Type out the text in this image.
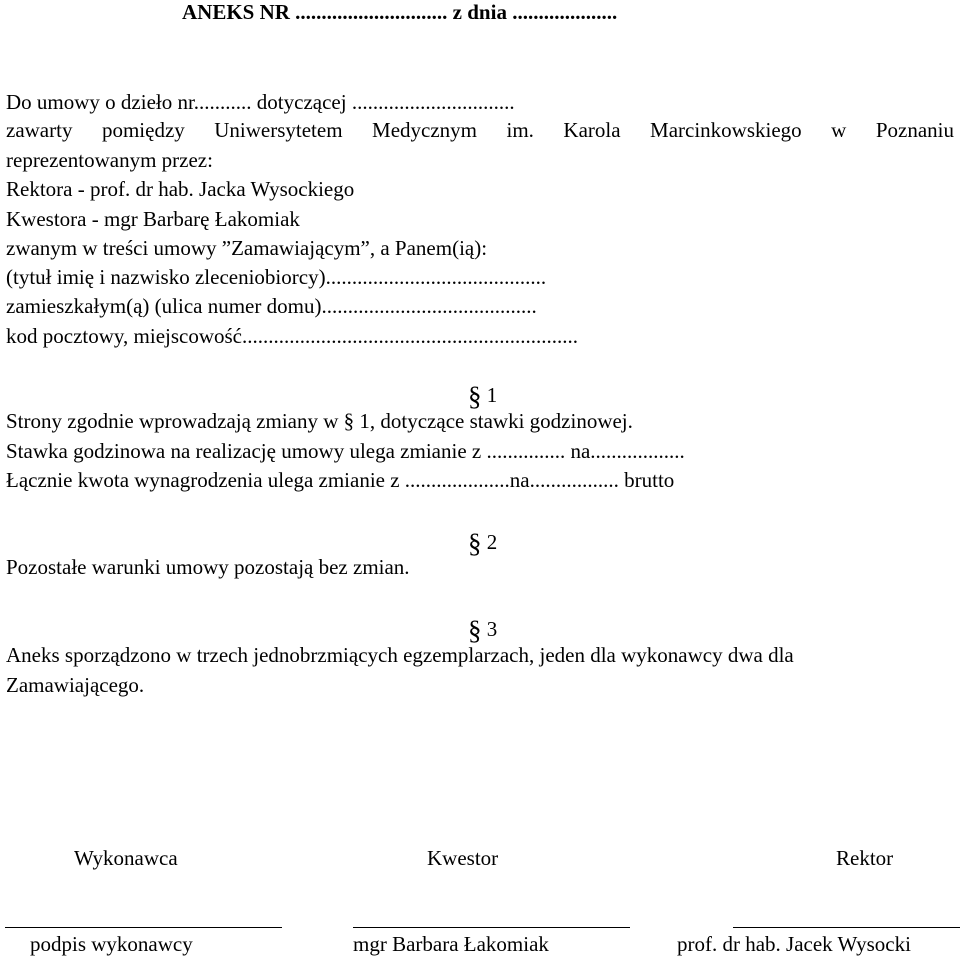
ANEKS NR ............................. z dnia ....................
Do umowy o dzieło nr........... dotyczącej ...............................
zawarty pomiędzy Uniwersytetem Medycznym im. Karola Marcinkowskiego w Poznaniu
reprezentowanym przez:
Rektora - prof. dr hab. Jacka Wysockiego
Kwestora - mgr Barbarę Łakomiak
zwanym w treści umowy ”Zamawiającym”, a Panem(ią):
(tytuł imię i nazwisko zleceniobiorcy)..........................................
zamieszkałym(ą) (ulica numer domu).........................................
kod pocztowy, miejscowość................................................................
§ 1
Strony zgodnie wprowadzają zmiany w § 1, dotyczące stawki godzinowej.
Stawka godzinowa na realizację umowy ulega zmianie z ............... na..................
Łącznie kwota wynagrodzenia ulega zmianie z ....................na................. brutto
§ 2
Pozostałe warunki umowy pozostają bez zmian.
§ 3
Aneks sporządzono w trzech jednobrzmiących egzemplarzach, jeden dla wykonawcy dwa dla
Zamawiającego.
Wykonawca	Kwestor	Rektor
podpis wykonawcy	mgr Barbara Łakomiak	prof. dr hab. Jacek Wysocki
